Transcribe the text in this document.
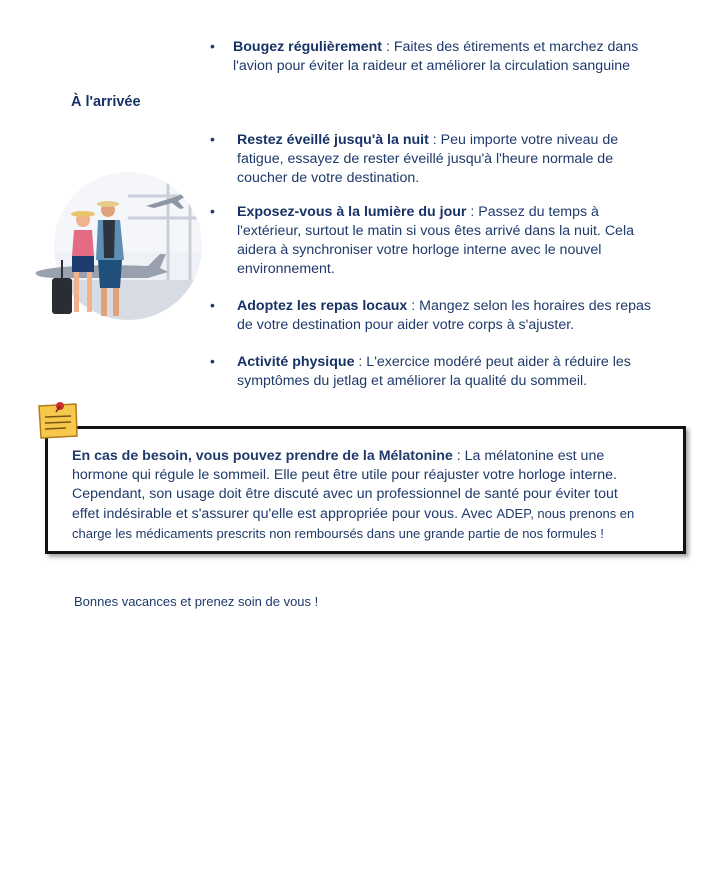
• Bougez régulièrement : Faites des étirements et marchez dans
l'avion pour éviter la raideur et améliorer la circulation sanguine
À l'arrivée
• Restez éveillé jusqu'à la nuit : Peu importe votre niveau de
fatigue, essayez de rester éveillé jusqu'à l'heure normale de
coucher de votre destination.
• Exposez-vous à la lumière du jour : Passez du temps à
l'extérieur, surtout le matin si vous êtes arrivé dans la nuit. Cela
aidera à synchroniser votre horloge interne avec le nouvel
environnement.
• Adoptez les repas locaux : Mangez selon les horaires des repas
de votre destination pour aider votre corps à s'ajuster.
• Activité physique : L'exercice modéré peut aider à réduire les
symptômes du jetlag et améliorer la qualité du sommeil.
En cas de besoin, vous pouvez prendre de la Mélatonine : La mélatonine est une
hormone qui régule le sommeil. Elle peut être utile pour réajuster votre horloge interne.
Cependant, son usage doit être discuté avec un professionnel de santé pour éviter tout
effet indésirable et s'assurer qu'elle est appropriée pour vous. Avec ADEP, nous prenons en
charge les médicaments prescrits non remboursés dans une grande partie de nos formules !
Bonnes vacances et prenez soin de vous !
